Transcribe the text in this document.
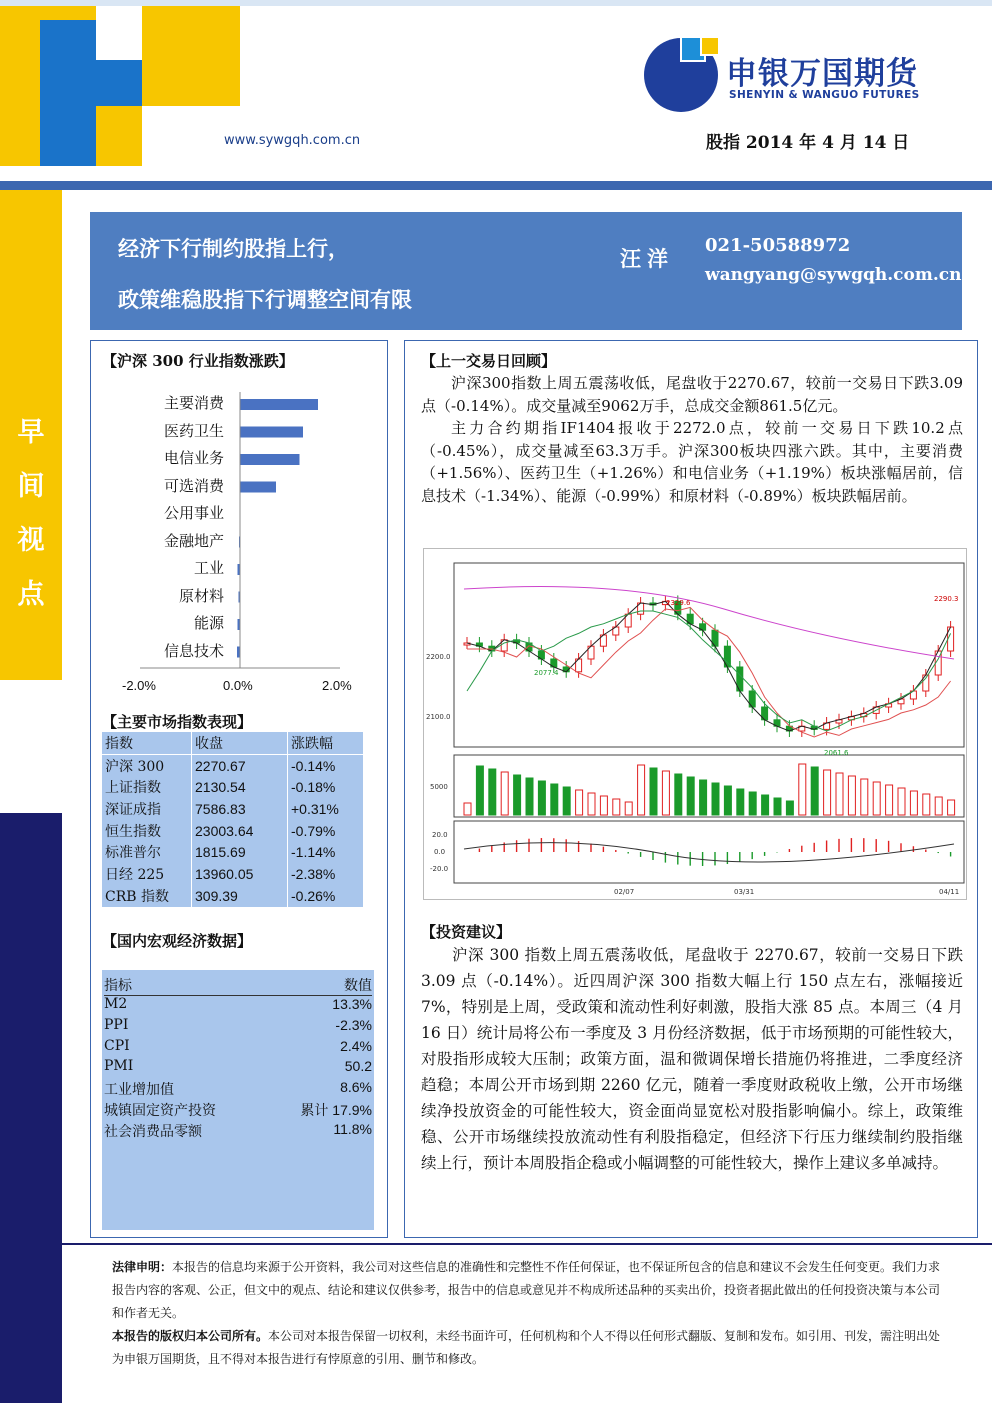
www.sywgqh.com.cn
申银万国期货
SHENYIN & WANGUO FUTURES
股指 2014 年 4 月 14 日
早
间
视
点
经济下行制约股指上行，
政策维稳股指下行调整空间有限
汪洋
021-50588972
wangyang@sywgqh.com.cn
【沪深 300 行业指数涨跌】
主要消费
医药卫生
电信业务
可选消费
公用事业
金融地产
工业
原材料
能源
信息技术
-2.0%	0.0%	2.0%
【主要市场指数表现】
指数	收盘	涨跌幅
沪深 300	2270.67	-0.14%
上证指数	2130.54	-0.18%
深证成指	7586.83	+0.31%
恒生指数	23003.64	-0.79%
标准普尔	1815.69	-1.14%
日经 225	13960.05	-2.38%
CRB 指数	309.39	-0.26%
【国内宏观经济数据】
指标	数值
M2	13.3%
PPI	-2.3%
CPI	2.4%
PMI	50.2
工业增加值	8.6%
城镇固定资产投资	累计 17.9%
社会消费品零额	11.8%
【上一交易日回顾】

沪深300指数上周五震荡收低，尾盘收于2270.67，较前一交易日下跌3.09点（-0.14%）。成交量减至9062万手，总成交金额861.5亿元。

主力合约期指IF1404报收于2272.0点，较前一交易日下跌10.2点（-0.45%），成交量减至63.3万手。沪深300板块四涨六跌。其中，主要消费（+1.56%）、医药卫生（+1.26%）和电信业务（+1.19%）板块涨幅居前，信息技术（-1.34%）、能源（-0.99%）和原材料（-0.89%）板块跌幅居前。

2200.0
2100.0
2329.6	2290.3
2077.4
2061.6
5000
20.0
0.0
-20.0
02/07	03/31	04/11
【投资建议】

沪深 300 指数上周五震荡收低，尾盘收于 2270.67，较前一交易日下跌 3.09 点（-0.14%）。近四周沪深 300 指数大幅上行 150 点左右，涨幅接近 7%，特别是上周，受政策和流动性利好刺激，股指大涨 85 点。本周三（4 月 16 日）统计局将公布一季度及 3 月份经济数据，低于市场预期的可能性较大，对股指形成较大压制；政策方面，温和微调保增长措施仍将推进，二季度经济趋稳；本周公开市场到期 2260 亿元，随着一季度财政税收上缴，公开市场继续净投放资金的可能性较大，资金面尚显宽松对股指影响偏小。综上，政策维稳、公开市场继续投放流动性有利股指稳定，但经济下行压力继续制约股指继续上行，预计本周股指企稳或小幅调整的可能性较大，操作上建议多单减持。

法律申明：本报告的信息均来源于公开资料，我公司对这些信息的准确性和完整性不作任何保证，也不保证所包含的信息和建议不会发生任何变更。我们力求报告内容的客观、公正，但文中的观点、结论和建议仅供参考，报告中的信息或意见并不构成所述品种的买卖出价，投资者据此做出的任何投资决策与本公司和作者无关。
本报告的版权归本公司所有。本公司对本报告保留一切权利，未经书面许可，任何机构和个人不得以任何形式翻版、复制和发布。如引用、刊发，需注明出处为申银万国期货，且不得对本报告进行有悖原意的引用、删节和修改。
